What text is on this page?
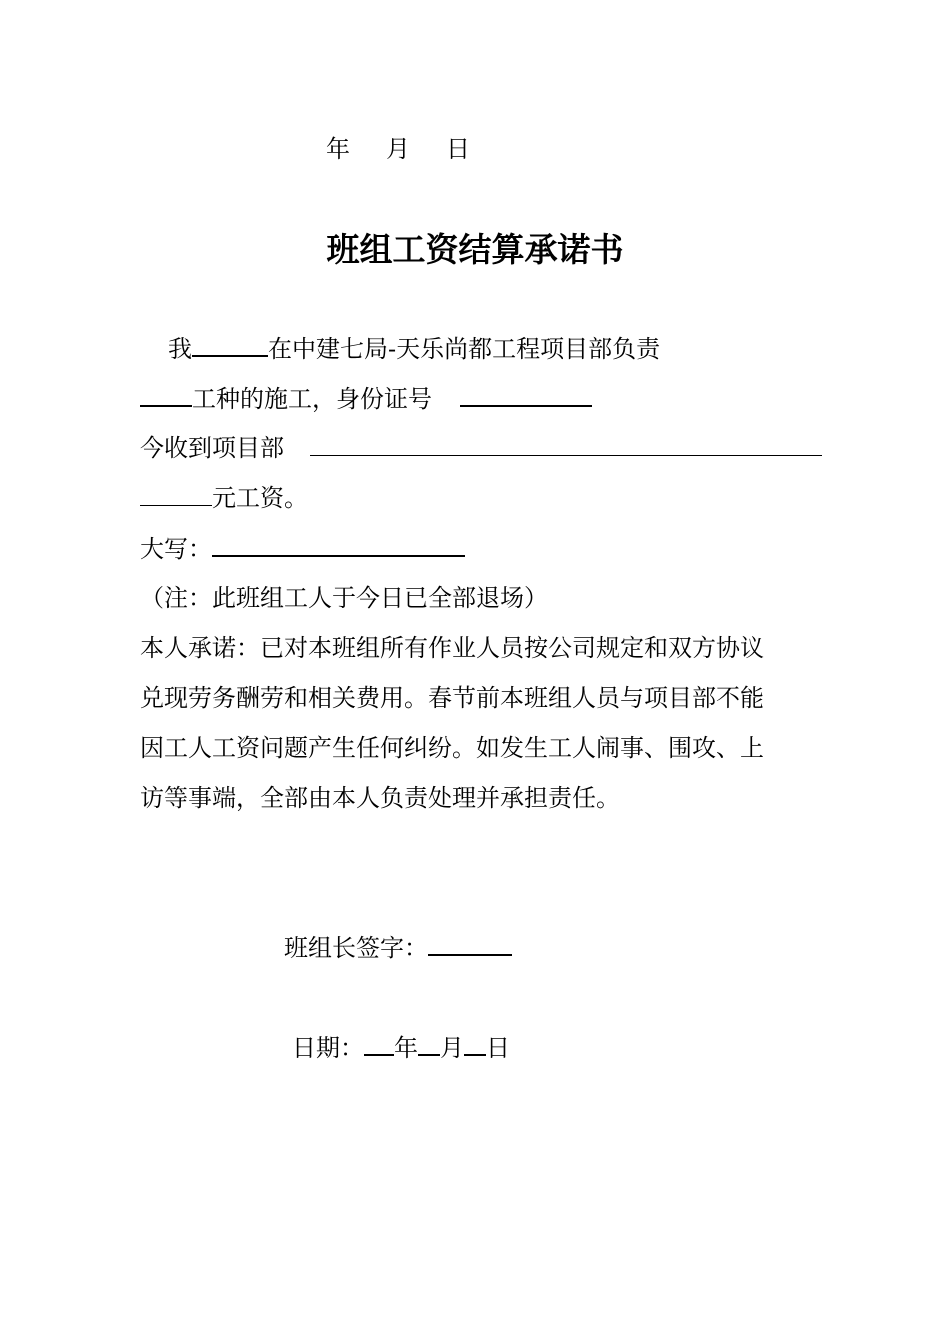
年 月 日
班组工资结算承诺书
我	在中建七局-天乐尚都工程项目部负责
工种的施工，身份证号
今收到项目部
元工资。
大写：
（注：此班组工人于今日已全部退场）
本人承诺：已对本班组所有作业人员按公司规定和双方协议
兑现劳务酬劳和相关费用。春节前本班组人员与项目部不能
因工人工资问题产生任何纠纷。如发生工人闹事、围攻、上
访等事端，全部由本人负责处理并承担责任。
班组长签字：
日期： 年 月 日
